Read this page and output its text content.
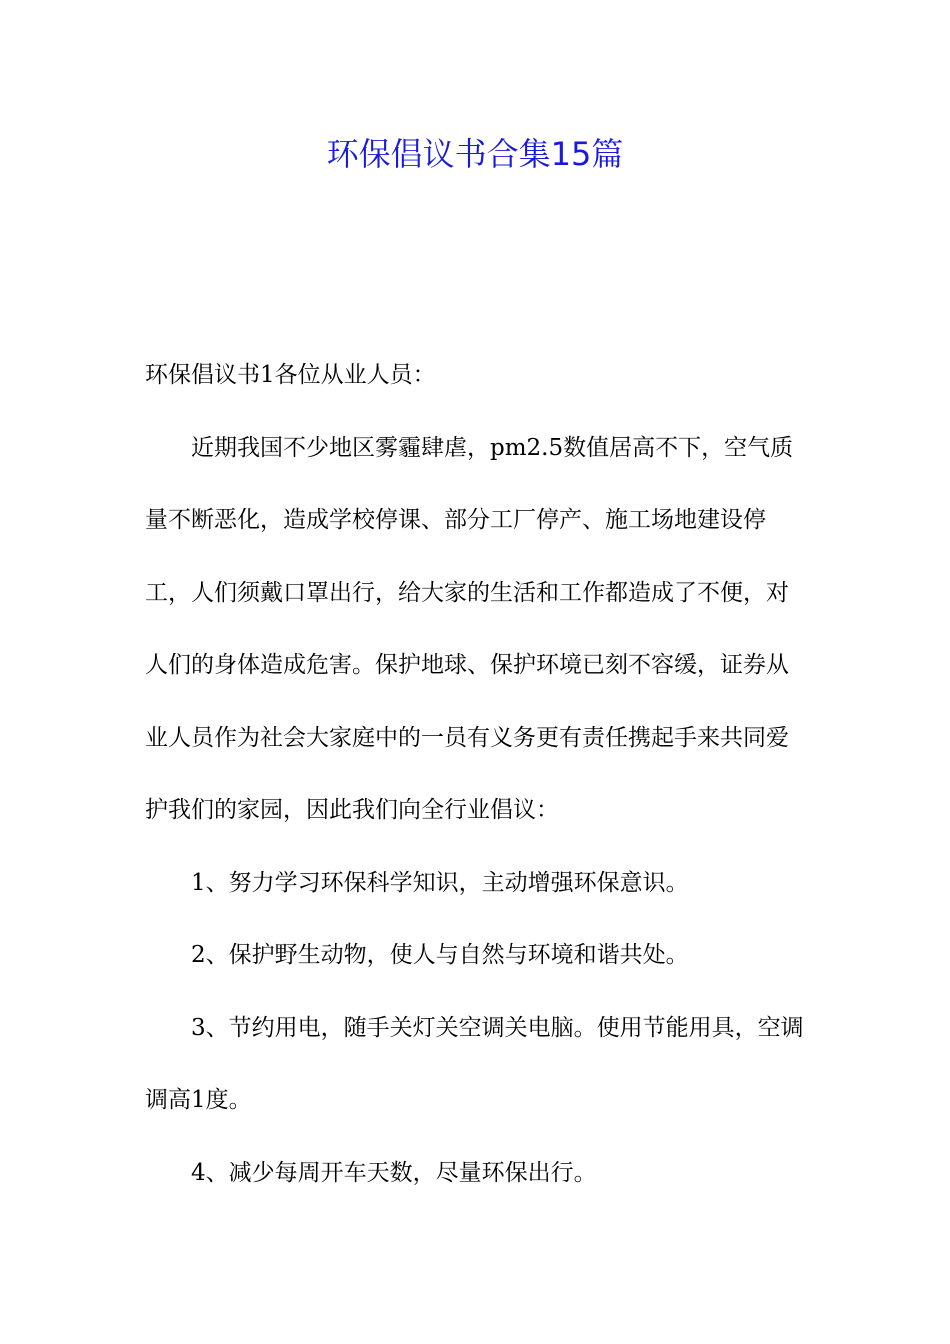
环保倡议书合集15篇

环保倡议书1各位从业人员：

近期我国不少地区雾霾肆虐，pm2.5数值居高不下，空气质量不断恶化，造成学校停课、部分工厂停产、施工场地建设停工，人们须戴口罩出行，给大家的生活和工作都造成了不便，对人们的身体造成危害。保护地球、保护环境已刻不容缓，证券从业人员作为社会大家庭中的一员有义务更有责任携起手来共同爱护我们的家园，因此我们向全行业倡议：

1、努力学习环保科学知识，主动增强环保意识。

2、保护野生动物，使人与自然与环境和谐共处。

3、节约用电，随手关灯关空调关电脑。使用节能用具，空调调高1度。

4、减少每周开车天数，尽量环保出行。
